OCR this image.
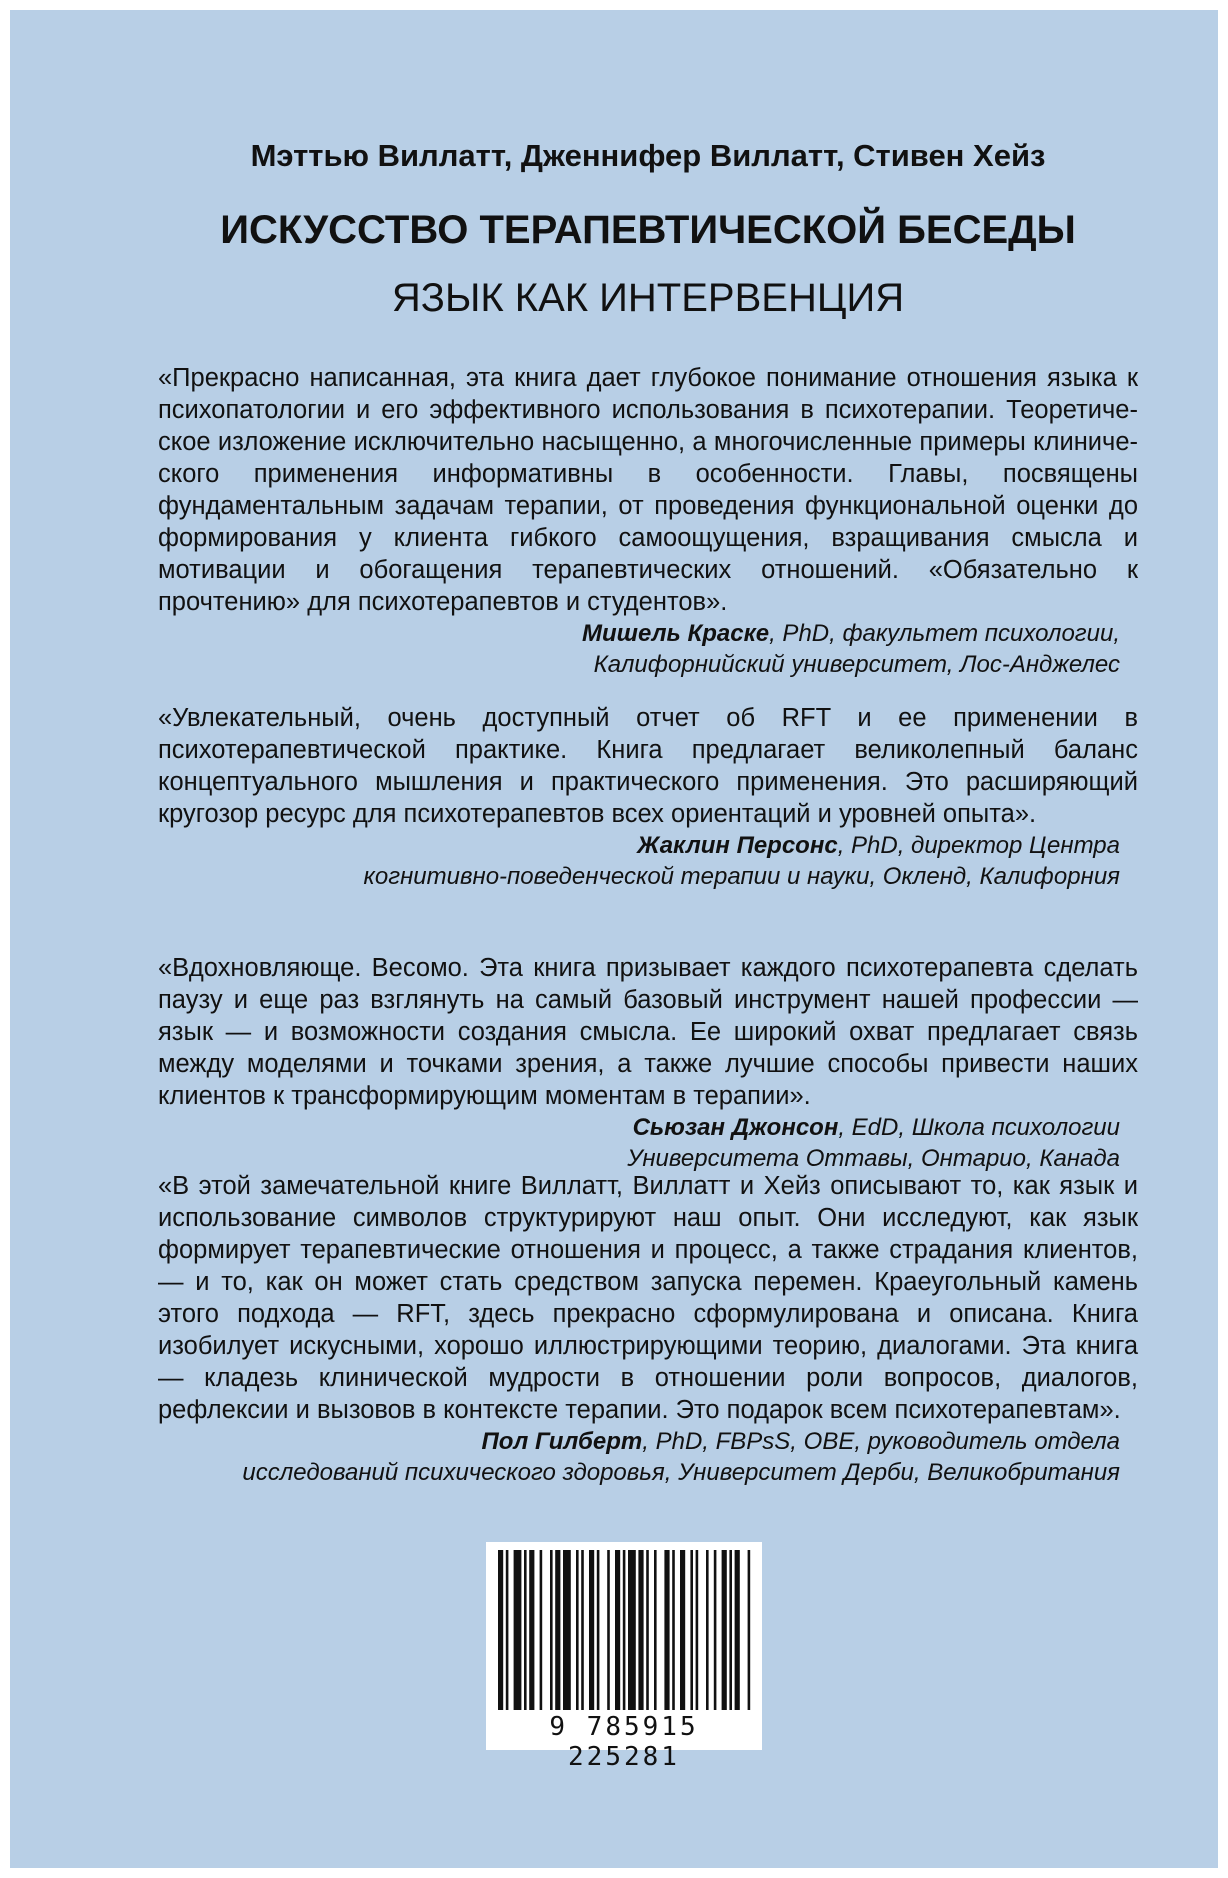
Мэттью Виллатт, Дженнифер Виллатт, Стивен Хейз
ИСКУССТВО ТЕРАПЕВТИЧЕСКОЙ БЕСЕДЫ
ЯЗЫК КАК ИНТЕРВЕНЦИЯ

«Прекрасно написанная, эта книга дает глубокое понимание отношения языка к психопатологии и его эффективного использования в психотерапии. Теоретическое изложение исключительно насыщенно, а многочисленные примеры клинического применения информативны в особенности. Главы, посвящены фундаментальным задачам терапии, от проведения функциональной оценки до формирования у клиента гибкого самоощущения, взращивания смысла и мотивации и обогащения терапевтических отношений. «Обязательно к прочтению» для психотерапевтов и студентов».

Мишель Краске, PhD, факультет психологии,

Калифорнийский университет, Лос-Анджелес

«Увлекательный, очень доступный отчет об RFT и ее применении в психотерапевтической практике. Книга предлагает великолепный баланс концептуального мышления и практического применения. Это расширяющий кругозор ресурс для психотерапевтов всех ориентаций и уровней опыта».

Жаклин Персонс, PhD, директор Центра

когнитивно-поведенческой терапии и науки, Окленд, Калифорния

«Вдохновляюще. Весомо. Эта книга призывает каждого психотерапевта сделать паузу и еще раз взглянуть на самый базовый инструмент нашей профессии — язык — и возможности создания смысла. Ее широкий охват предлагает связь между моделями и точками зрения, а также лучшие способы привести наших клиентов к трансформирующим моментам в терапии».

Сьюзан Джонсон, EdD, Школа психологии

Университета Оттавы, Онтарио, Канада

«В этой замечательной книге Виллатт, Виллатт и Хейз описывают то, как язык и использование символов структурируют наш опыт. Они исследуют, как язык формирует терапевтические отношения и процесс, а также страдания клиентов, — и то, как он может стать средством запуска перемен. Краеугольный камень этого подхода — RFT, здесь прекрасно сформулирована и описана. Книга изобилует искусными, хорошо иллюстрирующими теорию, диалогами. Эта книга — кладезь клинической мудрости в отношении роли вопросов, диалогов, рефлексии и вызовов в контексте терапии. Это подарок всем психотерапевтам».

Пол Гилберт, PhD, FBPsS, OBE, руководитель отдела

исследований психического здоровья, Университет Дерби, Великобритания

9 785915 225281
